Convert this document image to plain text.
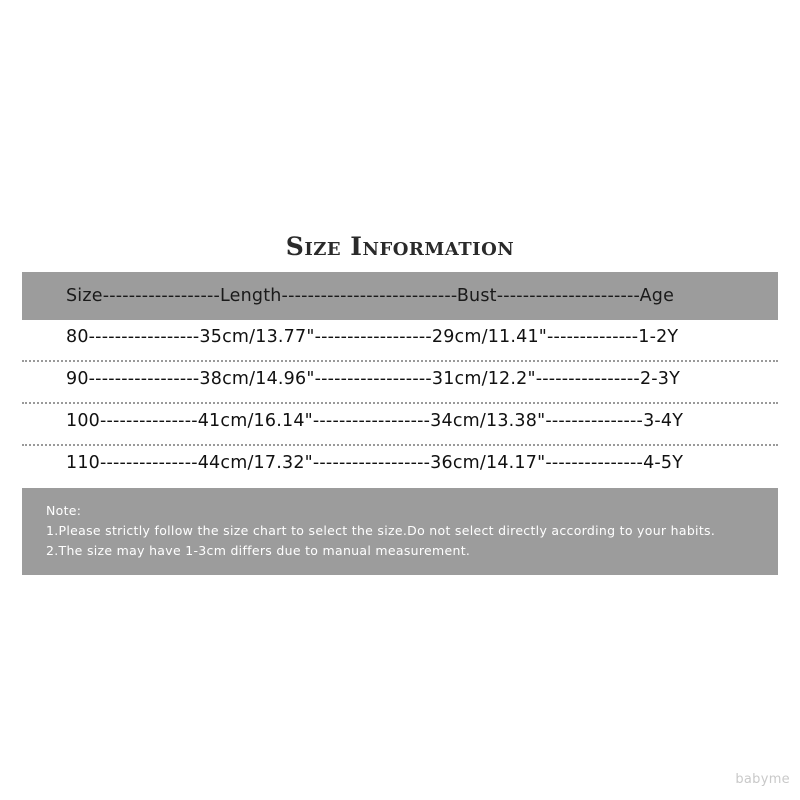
Size Information
Size------------------Length---------------------------Bust----------------------Age
80-----------------35cm/13.77"------------------29cm/11.41"--------------1-2Y
90-----------------38cm/14.96"------------------31cm/12.2"----------------2-3Y
100---------------41cm/16.14"------------------34cm/13.38"---------------3-4Y
110---------------44cm/17.32"------------------36cm/14.17"---------------4-5Y
Note:
1.Please strictly follow the size chart to select the size.Do not select directly according to your habits.
2.The size may have 1-3cm differs due to manual measurement.
babyme
